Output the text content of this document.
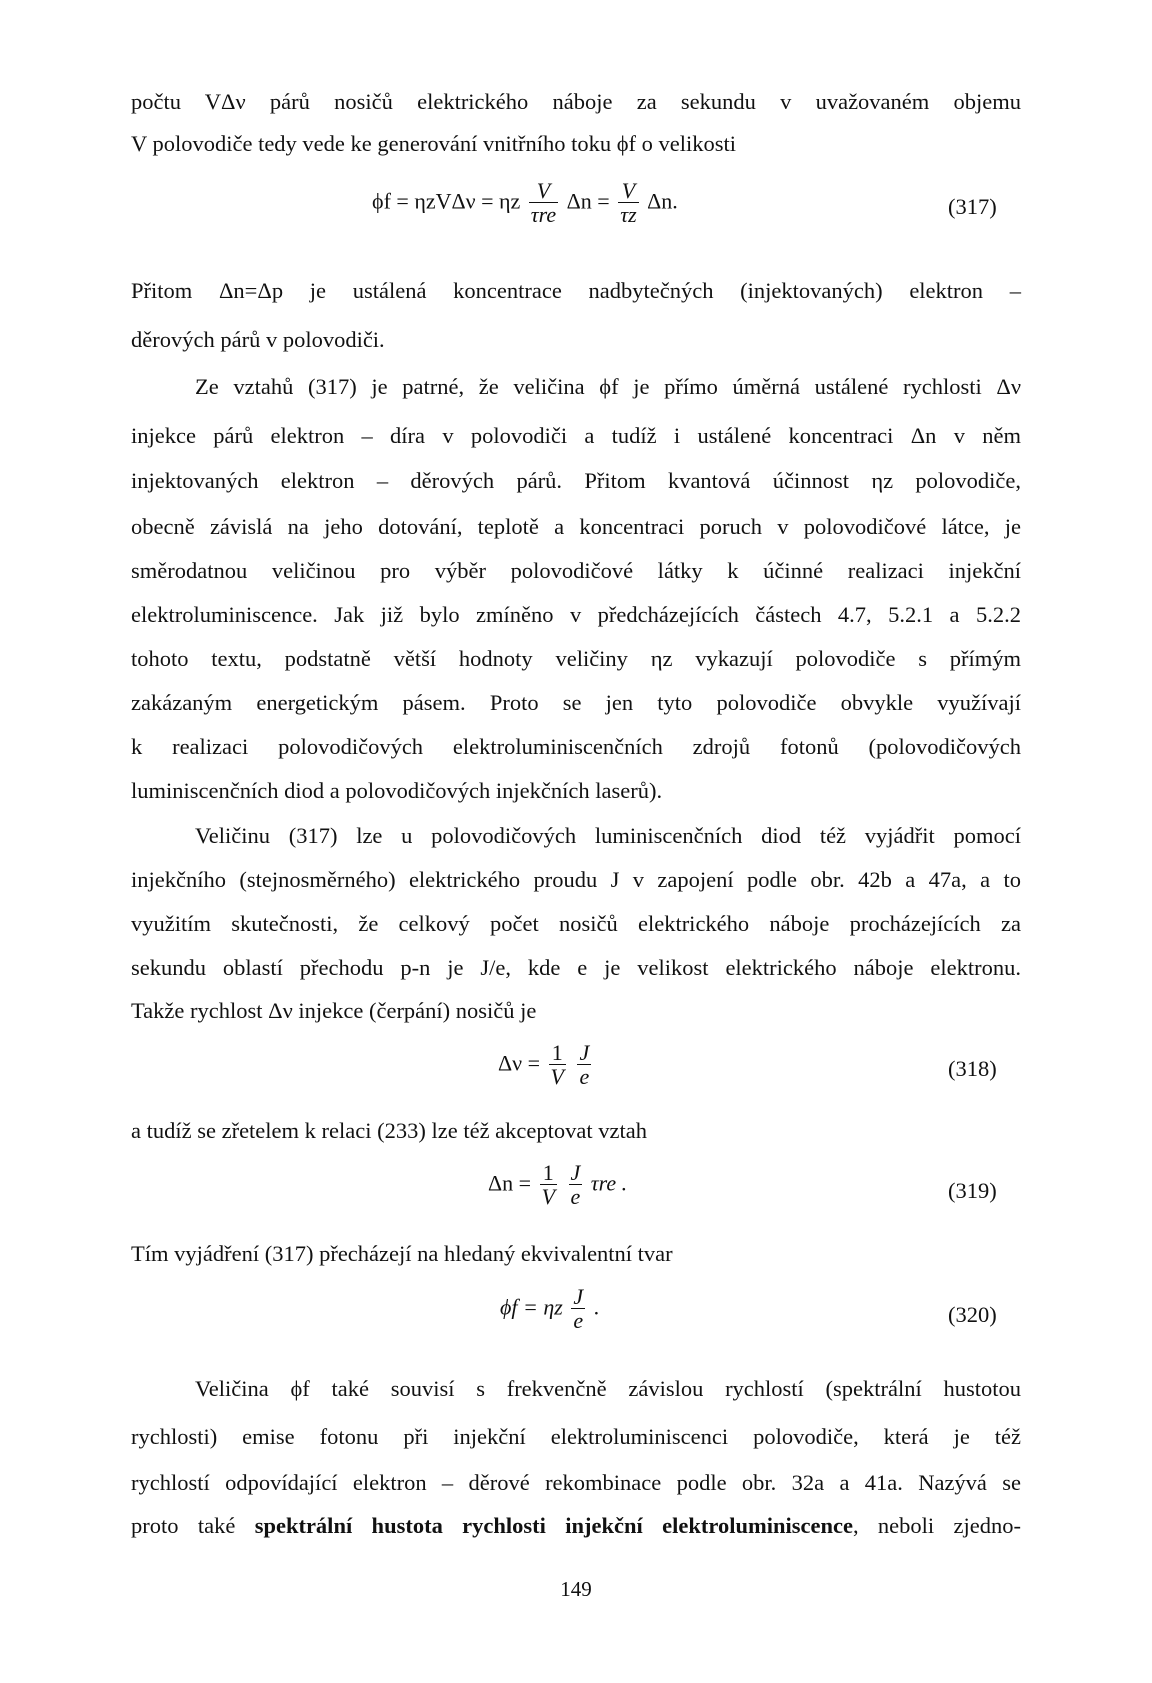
počtu VΔν párů nosičů elektrického náboje za sekundu v uvažovaném objemu
V polovodiče tedy vede ke generování vnitřního toku ϕf o velikosti
ϕf = ηzVΔν = ηz $\frac{V}{\text{τre}}$ $\Delta n = \frac{V}{\tau z} \Delta n$.	(317)
Přitom Δn=Δp je ustálená koncentrace nadbytečných (injektovaných) elektron –
děrových párů v polovodiči.
Ze vztahů (317) je patrné, že veličina ϕf je přímo úměrná ustálené rychlosti Δν
injekce párů elektron – díra v polovodiči a tudíž i ustálené koncentraci Δn v něm
injektovaných elektron – děrových párů. Přitom kvantová účinnost ηz polovodiče,
obecně závislá na jeho dotování, teplotě a koncentraci poruch v polovodičové látce, je
směrodatnou veličinou pro výběr polovodičové látky k účinné realizaci injekční
elektroluminiscence. Jak již bylo zmíněno v předcházejících částech 4.7, 5.2.1 a 5.2.2
tohoto textu, podstatně větší hodnoty veličiny ηz vykazují polovodiče s přímým
zakázaným energetickým pásem. Proto se jen tyto polovodiče obvykle využívají
k realizaci polovodičových elektroluminiscenčních zdrojů fotonů (polovodičových
luminiscenčních diod a polovodičových injekčních laserů).
Veličinu (317) lze u polovodičových luminiscenčních diod též vyjádřit pomocí
injekčního (stejnosměrného) elektrického proudu J v zapojení podle obr. 42b a 47a, a to
využitím skutečnosti, že celkový počet nosičů elektrického náboje procházejících za
sekundu oblastí přechodu p-n je J/e, kde e je velikost elektrického náboje elektronu.
Takže rychlost Δν injekce (čerpání) nosičů je
$\Delta\nu = \frac{1}{V}$
$\frac{J}{e}$	(318)
a tudíž se zřetelem k relaci (233) lze též akceptovat vztah
$\Delta n = \frac{1}{V}$
$\frac{J}{e}$ τre .	(319)
Tím vyjádření (317) přecházejí na hledaný ekvivalentní tvar
ϕf = ηz $\frac{J}{e}$ .	(320)
Veličina ϕf také souvisí s frekvenčně závislou rychlostí (spektrální hustotou
rychlosti) emise fotonu při injekční elektroluminiscenci polovodiče, která je též
rychlostí odpovídající elektron – děrové rekombinace podle obr. 32a a 41a. Nazývá se
proto také spektrální hustota rychlosti injekční elektroluminiscence, neboli zjedno-
149
